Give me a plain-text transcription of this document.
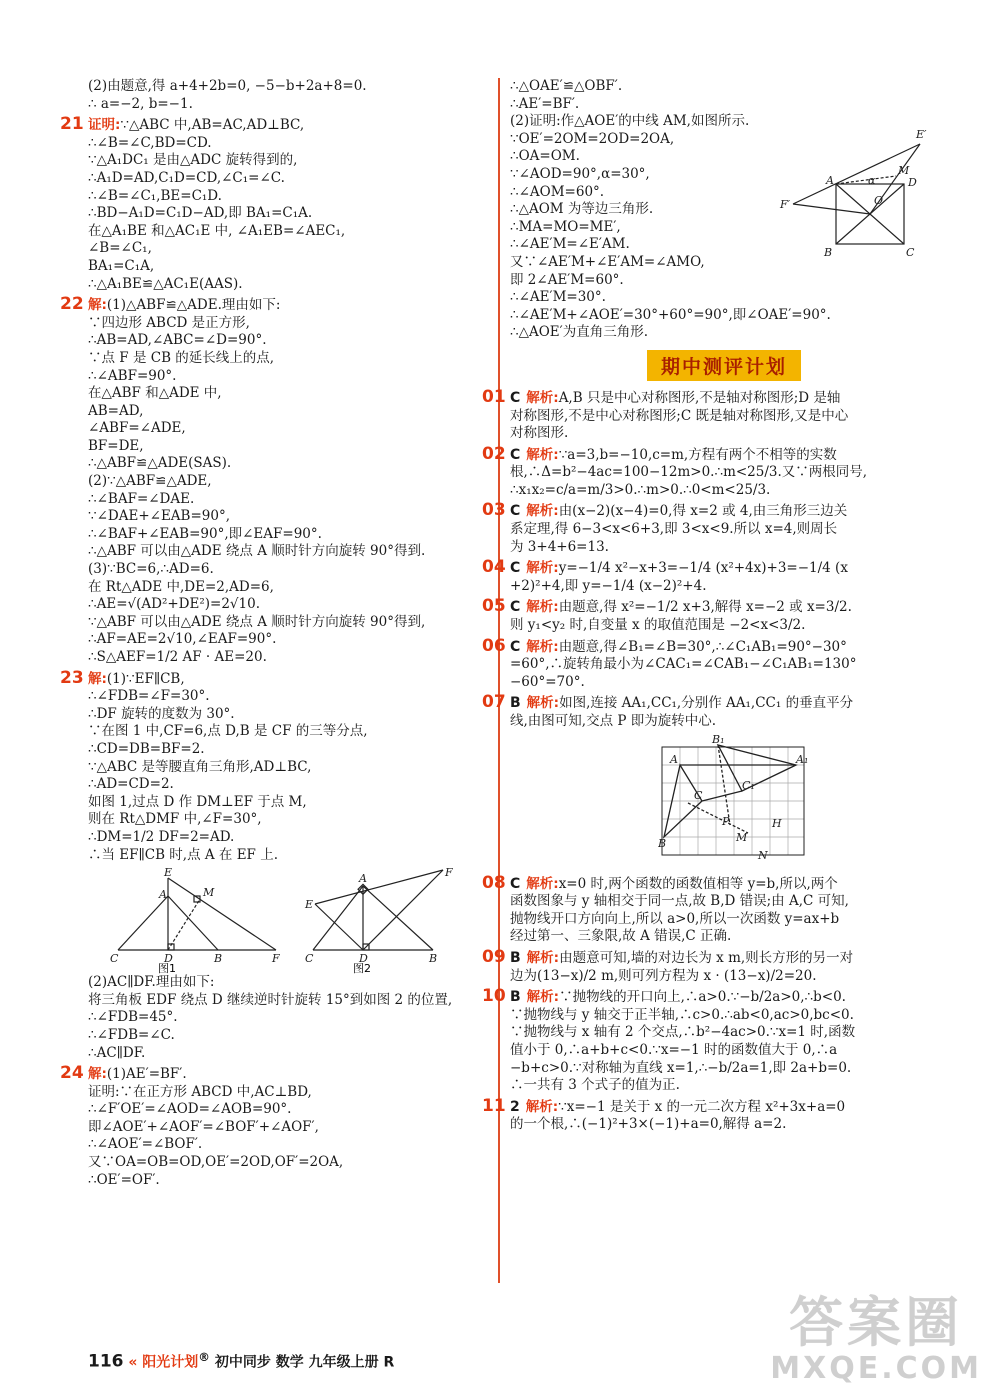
(2)由题意,得 a+4+2b=0, −5−b+2a+8=0.
∴ a=−2, b=−1.
21 证明:∵△ABC 中,AB=AC,AD⊥BC,
∴∠B=∠C,BD=CD.
∵△A₁DC₁ 是由△ADC 旋转得到的,
∴A₁D=AD,C₁D=CD,∠C₁=∠C.
∴∠B=∠C₁,BE=C₁D.
∴BD−A₁D=C₁D−AD,即 BA₁=C₁A.
在△A₁BE 和△AC₁E 中, ∠A₁EB=∠AEC₁,
∠B=∠C₁,
BA₁=C₁A,
∴△A₁BE≌△AC₁E(AAS).
22 解:(1)△ABF≌△ADE.理由如下:
∵四边形 ABCD 是正方形,
∴AB=AD,∠ABC=∠D=90°.
∵点 F 是 CB 的延长线上的点,
∴∠ABF=90°.
在△ABF 和△ADE 中,
AB=AD,
∠ABF=∠ADE,
BF=DE,
∴△ABF≌△ADE(SAS).
(2)∵△ABF≌△ADE,
∴∠BAF=∠DAE.
∵∠DAE+∠EAB=90°,
∴∠BAF+∠EAB=90°,即∠EAF=90°.
∴△ABF 可以由△ADE 绕点 A 顺时针方向旋转 90°得到.
(3)∵BC=6,∴AD=6.
在 Rt△ADE 中,DE=2,AD=6,
∴AE=√(AD²+DE²)=2√10.
∵△ABF 可以由△ADE 绕点 A 顺时针方向旋转 90°得到,
∴AF=AE=2√10,∠EAF=90°.
∴S△AEF=1/2 AF · AE=20.
23 解:(1)∵EF∥CB,
∴∠FDB=∠F=30°.
∴DF 旋转的度数为 30°.
∵在图 1 中,CF=6,点 D,B 是 CF 的三等分点,
∴CD=DB=BF=2.
∵△ABC 是等腰直角三角形,AD⊥BC,
∴AD=CD=2.
如图 1,过点 D 作 DM⊥EF 于点 M,
则在 Rt△DMF 中,∠F=30°,
∴DM=1/2 DF=2=AD.
∴当 EF∥CB 时,点 A 在 EF 上.
E
A	M
C	D	B	F
图1
A	F
E
C	D	B
图2
(2)AC∥DF.理由如下:
将三角板 EDF 绕点 D 继续逆时针旋转 15°到如图 2 的位置,
∴∠FDB=45°.
∴∠FDB=∠C.
∴AC∥DF.
24 解:(1)AE′=BF′.
证明:∵在正方形 ABCD 中,AC⊥BD,
∴∠F′OE′=∠AOD=∠AOB=90°.
即∠AOE′+∠AOF′=∠BOF′+∠AOF′,
∴∠AOE′=∠BOF′.
又∵OA=OB=OD,OE′=2OD,OF′=2OA,
∴OE′=OF′.
∴△OAE′≌△OBF′.
∴AE′=BF′.
(2)证明:作△AOE′的中线 AM,如图所示.
∵OE′=2OM=2OD=2OA,
∴OA=OM.
∵∠AOD=90°,α=30°,
∴∠AOM=60°.
∴△AOM 为等边三角形.
∴MA=MO=ME′,
∴∠AE′M=∠E′AM.
又∵∠AE′M+∠E′AM=∠AMO,
即 2∠AE′M=60°.
∴∠AE′M=30°.
∴∠AE′M+∠AOE′=30°+60°=90°,即∠OAE′=90°.
∴△AOE′为直角三角形.
E′
M
F′
A	D
O
α
B	C
期中测评计划
01 C 解析:A,B 只是中心对称图形,不是轴对称图形;D 是轴
对称图形,不是中心对称图形;C 既是轴对称图形,又是中心
对称图形.
02 C 解析:∵a=3,b=−10,c=m,方程有两个不相等的实数
根,∴Δ=b²−4ac=100−12m>0.∴m<25/3.又∵两根同号,
∴x₁x₂=c/a=m/3>0.∴m>0.∴0<m<25/3.
03 C 解析:由(x−2)(x−4)=0,得 x=2 或 4,由三角形三边关
系定理,得 6−3<x<6+3,即 3<x<9.所以 x=4,则周长
为 3+4+6=13.
04 C 解析:y=−1/4 x²−x+3=−1/4 (x²+4x)+3=−1/4 (x
+2)²+4,即 y=−1/4 (x−2)²+4.
05 C 解析:由题意,得 x²=−1/2 x+3,解得 x=−2 或 x=3/2.
则 y₁<y₂ 时,自变量 x 的取值范围是 −2<x<3/2.
06 C 解析:由题意,得∠B₁=∠B=30°,∴∠C₁AB₁=90°−30°
=60°,∴旋转角最小为∠CAC₁=∠CAB₁−∠C₁AB₁=130°
−60°=70°.
07 B 解析:如图,连接 AA₁,CC₁,分别作 AA₁,CC₁ 的垂直平分
线,由图可知,交点 P 即为旋转中心.
B₁
A	A₁
C
C₁
P
B	M
H
N
08 C 解析:x=0 时,两个函数的函数值相等 y=b,所以,两个
函数图象与 y 轴相交于同一点,故 B,D 错误;由 A,C 可知,
抛物线开口方向向上,所以 a>0,所以一次函数 y=ax+b
经过第一、三象限,故 A 错误,C 正确.
09 B 解析:由题意可知,墙的对边长为 x m,则长方形的另一对
边为(13−x)/2 m,则可列方程为 x · (13−x)/2=20.
10 B 解析:∵抛物线的开口向上,∴a>0.∵−b/2a>0,∴b<0.
∵抛物线与 y 轴交于正半轴,∴c>0.∴ab<0,ac>0,bc<0.
∵抛物线与 x 轴有 2 个交点,∴b²−4ac>0.∵x=1 时,函数
值小于 0,∴a+b+c<0.∵x=−1 时的函数值大于 0,∴a
−b+c>0.∵对称轴为直线 x=1,∴−b/2a=1,即 2a+b=0.
∴一共有 3 个式子的值为正.
11 2 解析:∵x=−1 是关于 x 的一元二次方程 x²+3x+a=0
的一个根,∴(−1)²+3×(−1)+a=0,解得 a=2.
116 « 阳光计划® 初中同步 数学 九年级上册 R
答案圈
MXQE.COM
